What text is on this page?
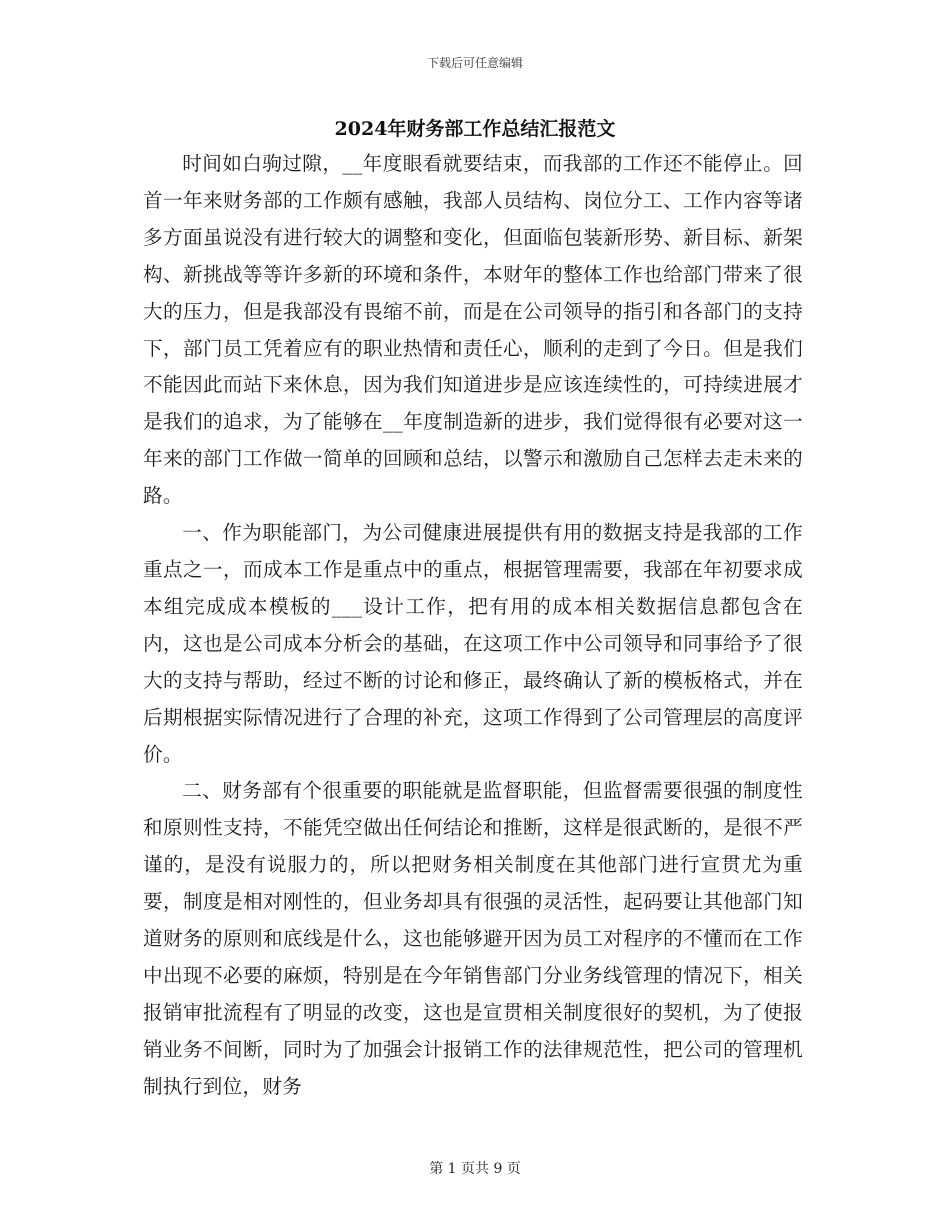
下载后可任意编辑
2024年财务部工作总结汇报范文

时间如白驹过隙，__年度眼看就要结束，而我部的工作还不能停止。回首一年来财务部的工作颇有感触，我部人员结构、岗位分工、工作内容等诸多方面虽说没有进行较大的调整和变化，但面临包装新形势、新目标、新架构、新挑战等等许多新的环境和条件，本财年的整体工作也给部门带来了很大的压力，但是我部没有畏缩不前，而是在公司领导的指引和各部门的支持下，部门员工凭着应有的职业热情和责任心，顺利的走到了今日。但是我们不能因此而站下来休息，因为我们知道进步是应该连续性的，可持续进展才是我们的追求，为了能够在__年度制造新的进步，我们觉得很有必要对这一年来的部门工作做一简单的回顾和总结，以警示和激励自己怎样去走未来的路。

一、作为职能部门，为公司健康进展提供有用的数据支持是我部的工作重点之一，而成本工作是重点中的重点，根据管理需要，我部在年初要求成本组完成成本模板的___设计工作，把有用的成本相关数据信息都包含在内，这也是公司成本分析会的基础，在这项工作中公司领导和同事给予了很大的支持与帮助，经过不断的讨论和修正，最终确认了新的模板格式，并在后期根据实际情况进行了合理的补充，这项工作得到了公司管理层的高度评价。

二、财务部有个很重要的职能就是监督职能，但监督需要很强的制度性和原则性支持，不能凭空做出任何结论和推断，这样是很武断的，是很不严谨的，是没有说服力的，所以把财务相关制度在其他部门进行宣贯尤为重要，制度是相对刚性的，但业务却具有很强的灵活性，起码要让其他部门知道财务的原则和底线是什么，这也能够避开因为员工对程序的不懂而在工作中出现不必要的麻烦，特别是在今年销售部门分业务线管理的情况下，相关报销审批流程有了明显的改变，这也是宣贯相关制度很好的契机，为了使报销业务不间断，同时为了加强会计报销工作的法律规范性，把公司的管理机制执行到位，财务

第 1 页共 9 页
